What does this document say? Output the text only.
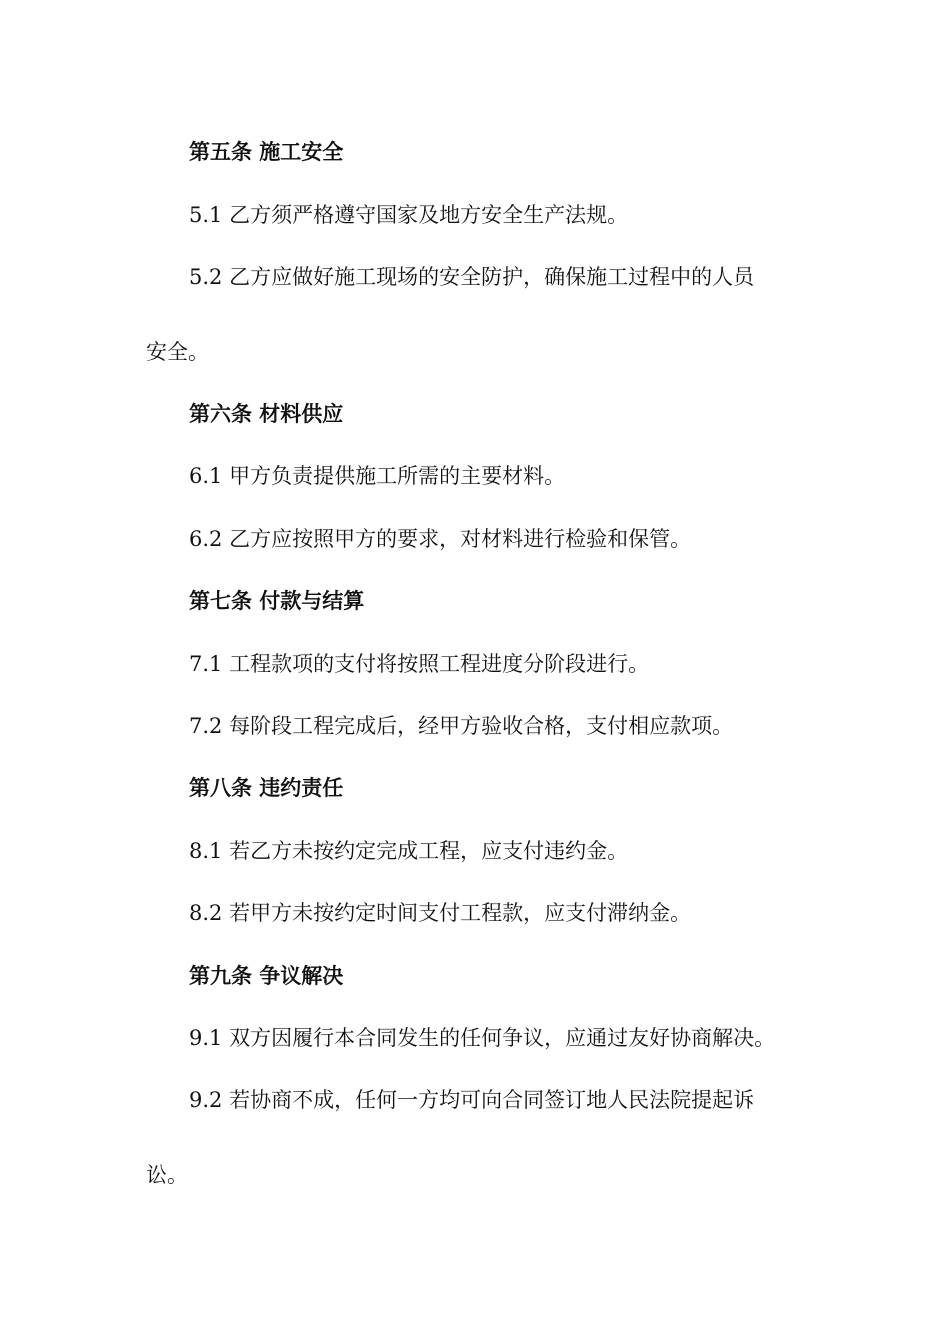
第五条 施工安全

5.1 乙方须严格遵守国家及地方安全生产法规。

5.2 乙方应做好施工现场的安全防护，确保施工过程中的人员

安全。

第六条 材料供应

6.1 甲方负责提供施工所需的主要材料。

6.2 乙方应按照甲方的要求，对材料进行检验和保管。

第七条 付款与结算

7.1 工程款项的支付将按照工程进度分阶段进行。

7.2 每阶段工程完成后，经甲方验收合格，支付相应款项。

第八条 违约责任

8.1 若乙方未按约定完成工程，应支付违约金。

8.2 若甲方未按约定时间支付工程款，应支付滞纳金。

第九条 争议解决

9.1 双方因履行本合同发生的任何争议，应通过友好协商解决。

9.2 若协商不成，任何一方均可向合同签订地人民法院提起诉

讼。
